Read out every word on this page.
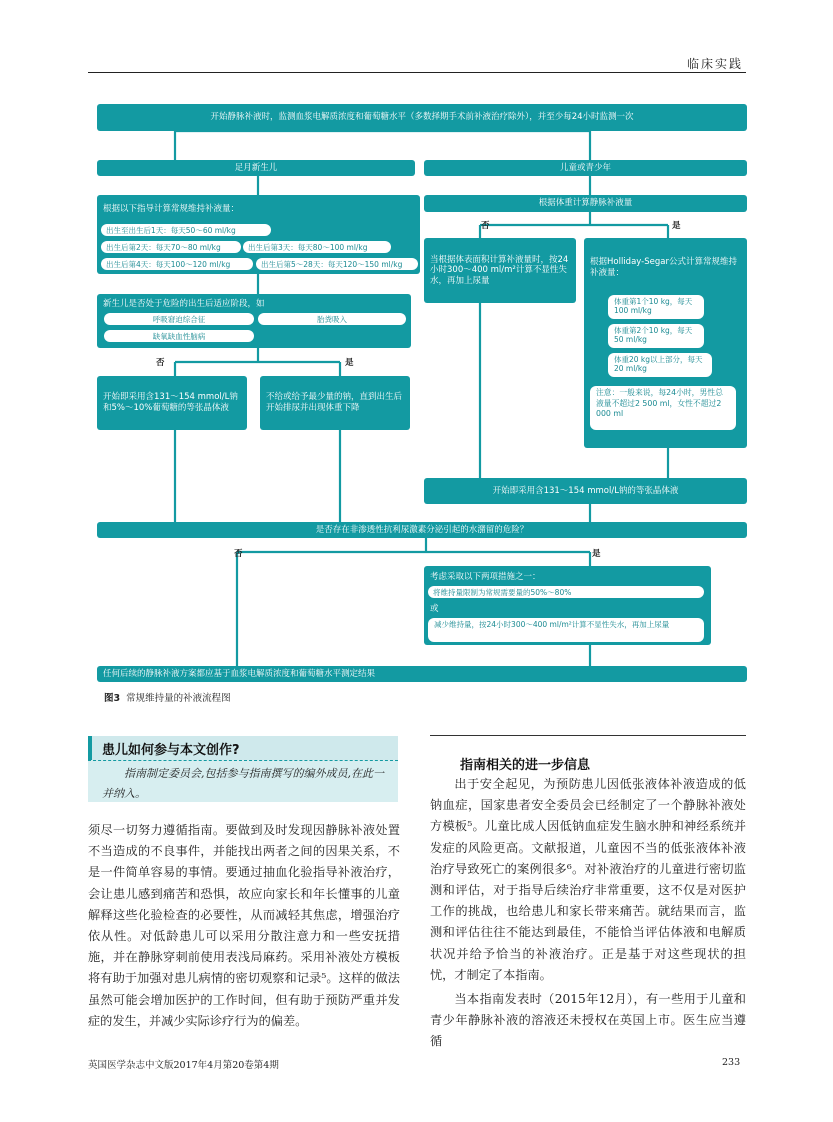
临床实践
开始静脉补液时，监测血浆电解质浓度和葡萄糖水平（多数择期手术前补液治疗除外），并至少每24小时监测一次
足月新生儿	儿童或青少年
根据以下指导计算常规维持补液量：
出生至出生后1天：每天50～60 ml/kg
出生后第2天：每天70～80 ml/kg	出生后第3天：每天80～100 ml/kg
出生后第4天：每天100～120 ml/kg	出生后第5～28天：每天120～150 ml/kg
新生儿是否处于危险的出生后适应阶段，如
呼吸窘迫综合征	胎粪吸入
缺氧缺血性脑病
否	是
开始即采用含131～154 mmol/L钠和5%～10%葡萄糖的等张晶体液
不给或给予最少量的钠，直到出生后开始排尿并出现体重下降
根据体重计算静脉补液量
否	是
当根据体表面积计算补液量时，按24小时300～400 ml/m²计算不显性失水，再加上尿量
根据Holliday-Segar公式计算常规维持补液量：
体重第1个10 kg，每天100 ml/kg
体重第2个10 kg，每天50 ml/kg
体重20 kg以上部分，每天20 ml/kg
注意：一般来说，每24小时，男性总液量不超过2 500 ml，女性不超过2 000 ml
开始即采用含131～154 mmol/L钠的等张晶体液
是否存在非渗透性抗利尿激素分泌引起的水潴留的危险？
否	是
考虑采取以下两项措施之一：
将维持量限制为常规需要量的50%～80%
或
减少维持量，按24小时300～400 ml/m²计算不显性失水，再加上尿量
任何后续的静脉补液方案都应基于血浆电解质浓度和葡萄糖水平测定结果
图3 常规维持量的补液流程图
患儿如何参与本文创作?
指南制定委员会,包括参与指南撰写的编外成员,在此一并纳入。
须尽一切努力遵循指南。要做到及时发现因静脉补液处置不当造成的不良事件，并能找出两者之间的因果关系，不是一件简单容易的事情。要通过抽血化验指导补液治疗，会让患儿感到痛苦和恐惧，故应向家长和年长懂事的儿童解释这些化验检查的必要性，从而减轻其焦虑，增强治疗依从性。对低龄患儿可以采用分散注意力和一些安抚措施，并在静脉穿刺前使用表浅局麻药。采用补液处方模板将有助于加强对患儿病情的密切观察和记录⁵。这样的做法虽然可能会增加医护的工作时间，但有助于预防严重并发症的发生，并减少实际诊疗行为的偏差。
指南相关的进一步信息
出于安全起见，为预防患儿因低张液体补液造成的低钠血症，国家患者安全委员会已经制定了一个静脉补液处方模板⁵。儿童比成人因低钠血症发生脑水肿和神经系统并发症的风险更高。文献报道，儿童因不当的低张液体补液治疗导致死亡的案例很多⁶。对补液治疗的儿童进行密切监测和评估，对于指导后续治疗非常重要，这不仅是对医护工作的挑战，也给患儿和家长带来痛苦。就结果而言，监测和评估往往不能达到最佳，不能恰当评估体液和电解质状况并给予恰当的补液治疗。正是基于对这些现状的担忧，才制定了本指南。
当本指南发表时（2015年12月），有一些用于儿童和青少年静脉补液的溶液还未授权在英国上市。医生应当遵循
英国医学杂志中文版2017年4月第20卷第4期	233
